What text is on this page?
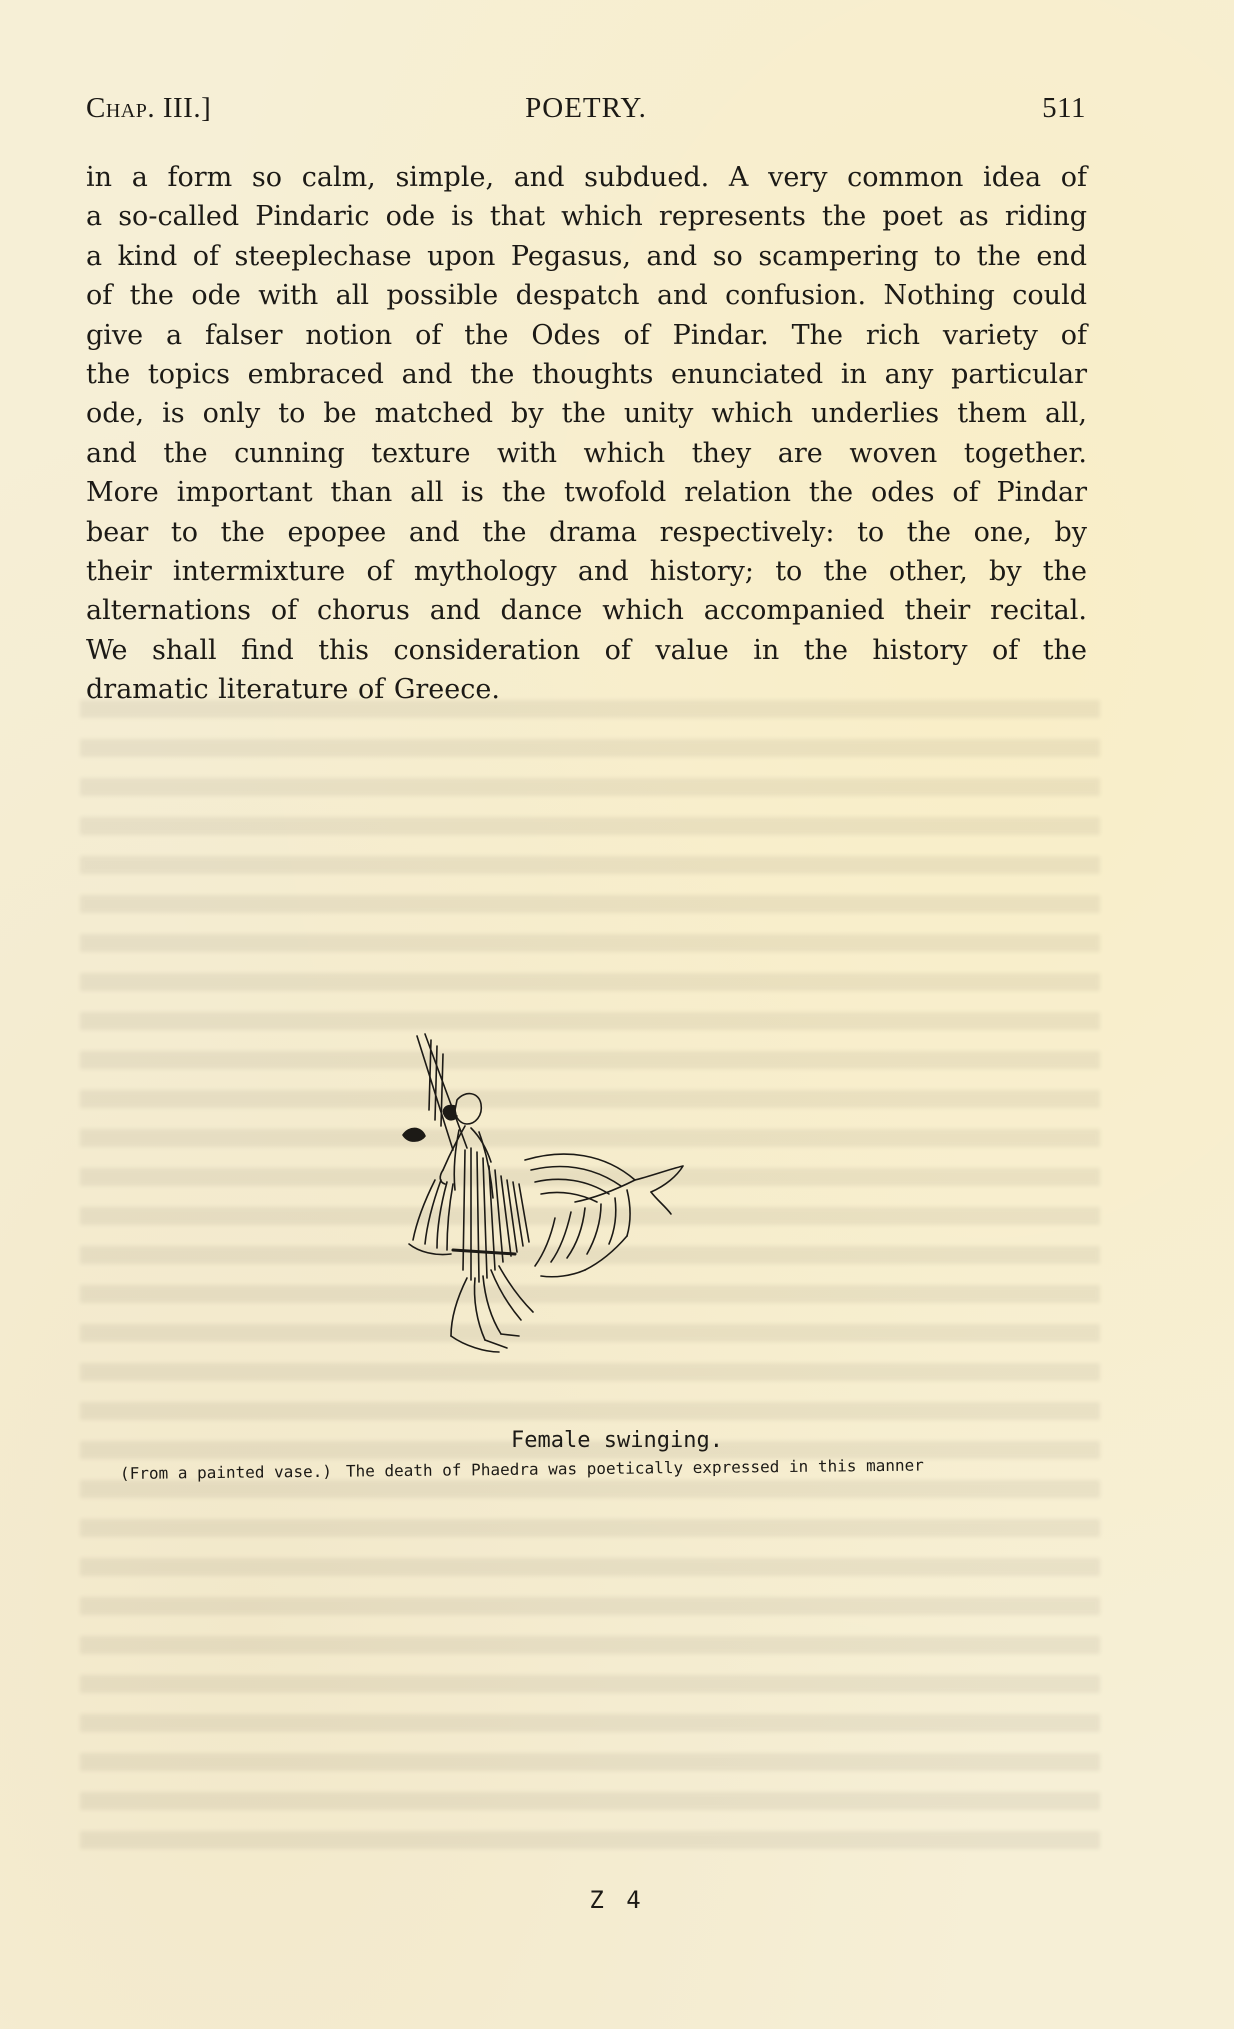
Chap. III.]	POETRY.	511
in a form so calm, simple, and subdued. A very common idea of
a so-called Pindaric ode is that which represents the poet as riding
a kind of steeplechase upon Pegasus, and so scampering to the end
of the ode with all possible despatch and confusion. Nothing could
give a falser notion of the Odes of Pindar. The rich variety of
the topics embraced and the thoughts enunciated in any particular
ode, is only to be matched by the unity which underlies them all,
and the cunning texture with which they are woven together.
More important than all is the twofold relation the odes of Pindar
bear to the epopee and the drama respectively: to the one, by
their intermixture of mythology and history; to the other, by the
alternations of chorus and dance which accompanied their recital.
We shall find this consideration of value in the history of the
dramatic literature of Greece.
Female swinging.
(From a painted vase.) The death of Phaedra was poetically expressed in this manner
Z 4
